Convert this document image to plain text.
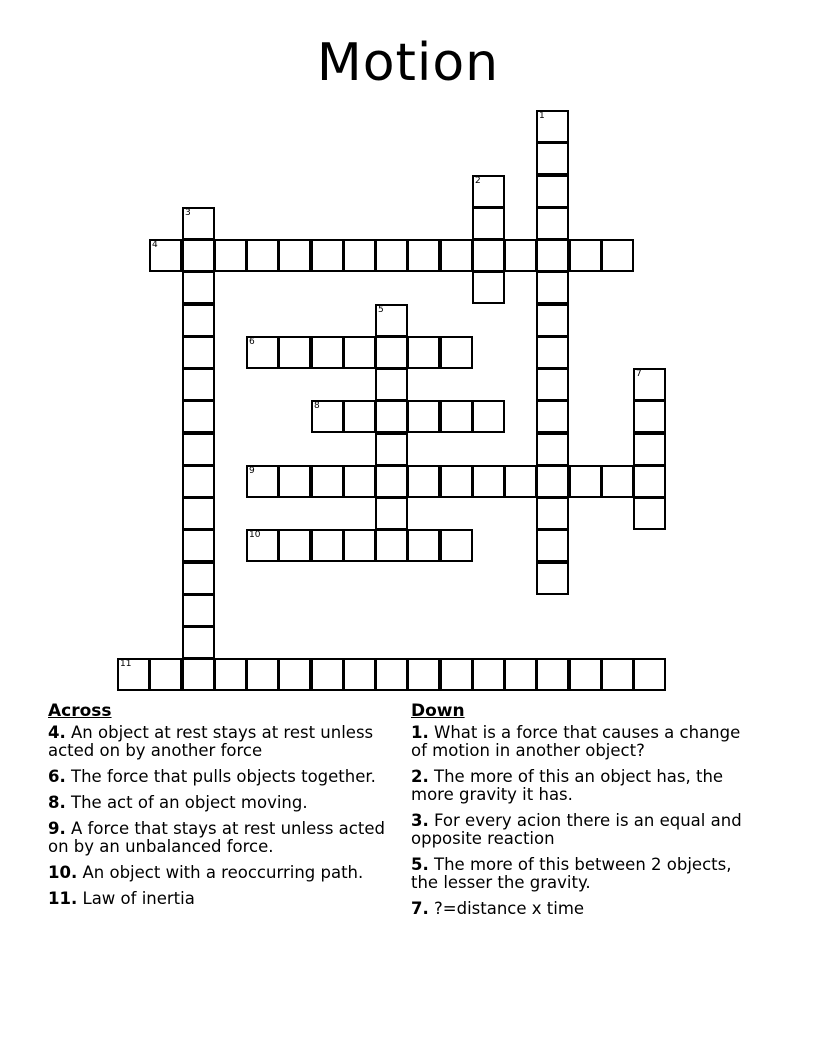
Motion
1
2
3
4
5
6
7
8
9
10
11
Across
4. An object at rest stays at rest unless acted on by another force
6. The force that pulls objects together.
8. The act of an object moving.
9. A force that stays at rest unless acted on by an unbalanced force.
10. An object with a reoccurring path.
11. Law of inertia
Down
1. What is a force that causes a change of motion in another object?
2. The more of this an object has, the more gravity it has.
3. For every acion there is an equal and opposite reaction
5. The more of this between 2 objects, the lesser the gravity.
7. ?=distance x time
